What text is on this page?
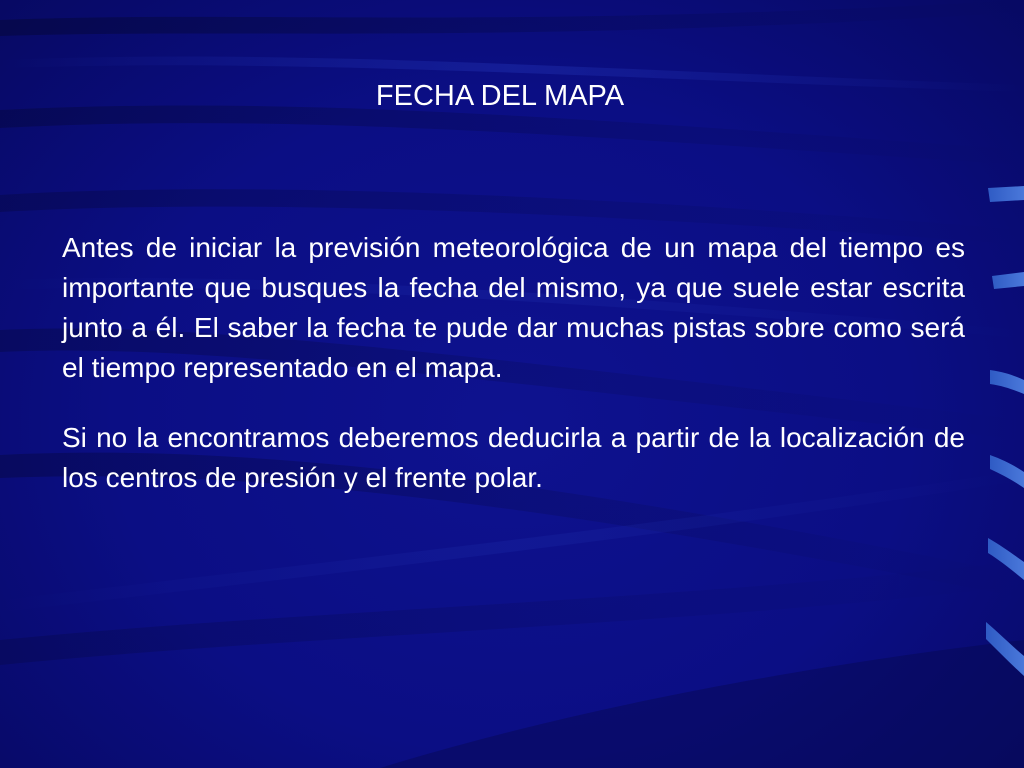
FECHA DEL MAPA

Antes de iniciar la previsión meteorológica de un mapa del tiempo es importante que busques la fecha del mismo, ya que suele estar escrita junto a él. El saber la fecha te pude dar muchas pistas sobre como será el tiempo representado en el mapa.

Si no la encontramos deberemos deducirla a partir de la localización de los centros de presión y el frente polar.
